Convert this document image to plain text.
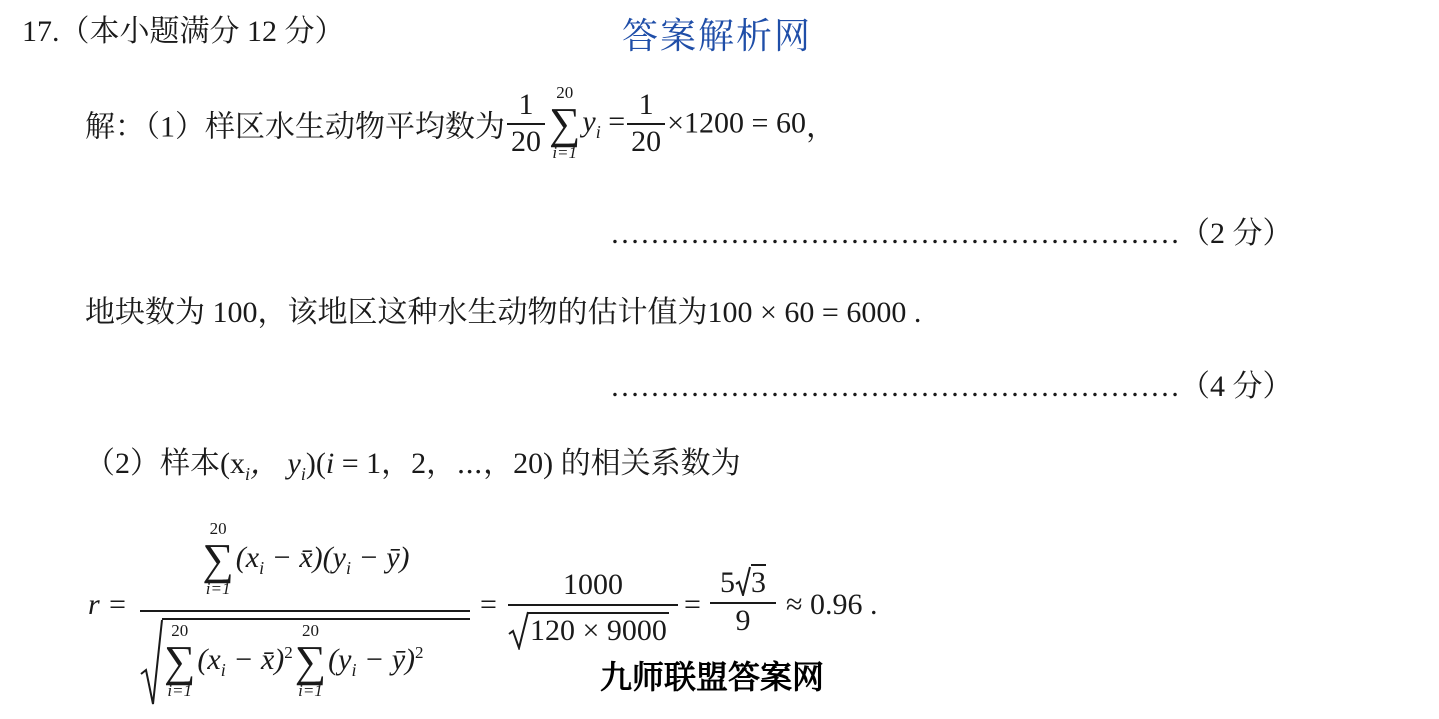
17.（本小题满分 12 分）	答案解析网
解：（1）样区水生动物平均数为 $\frac{1}{20} 20$
∑
i=1
$y_i = \frac{1}{20} \times 1200 = 60$，
…………………………………………………（2 分）
地块数为 100，该地区这种水生动物的估计值为100 × 60 = 6000 .
…………………………………………………（4 分）
（2）样本($x_i$， $y_i)(i = 1$，2，⋯，20) 的相关系数为
r =
20
∑
i=1
($x_i$ − $x̄)(y_i$ − ȳ)
20
∑
i=1
($x_i$ − x̄)$^2$
20
∑
i=1
($y_i$ − ȳ)$^2$
= $\frac{1000}{120 \times 9000} = \frac{5 3}{9} \approx 0.96$ .
九师联盟答案网
